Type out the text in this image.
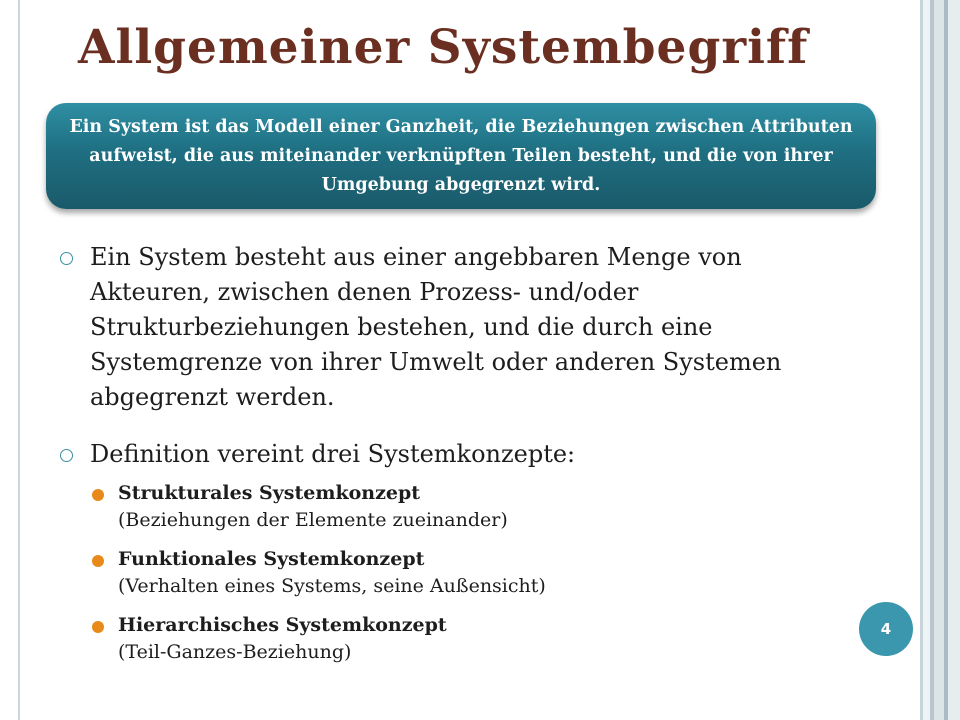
Allgemeiner Systembegriff

Ein System ist das Modell einer Ganzheit, die Beziehungen zwischen Attributen aufweist, die aus miteinander verknüpften Teilen besteht, und die von ihrer Umgebung abgegrenzt wird.

Ein System besteht aus einer angebbaren Menge von Akteuren, zwischen denen Prozess- und/oder Strukturbeziehungen bestehen, und die durch eine Systemgrenze von ihrer Umwelt oder anderen Systemen abgegrenzt werden.
Definition vereint drei Systemkonzepte:
Strukturales Systemkonzept
(Beziehungen der Elemente zueinander)
Funktionales Systemkonzept
(Verhalten eines Systems, seine Außensicht)
Hierarchisches Systemkonzept
(Teil-Ganzes-Beziehung)
4
